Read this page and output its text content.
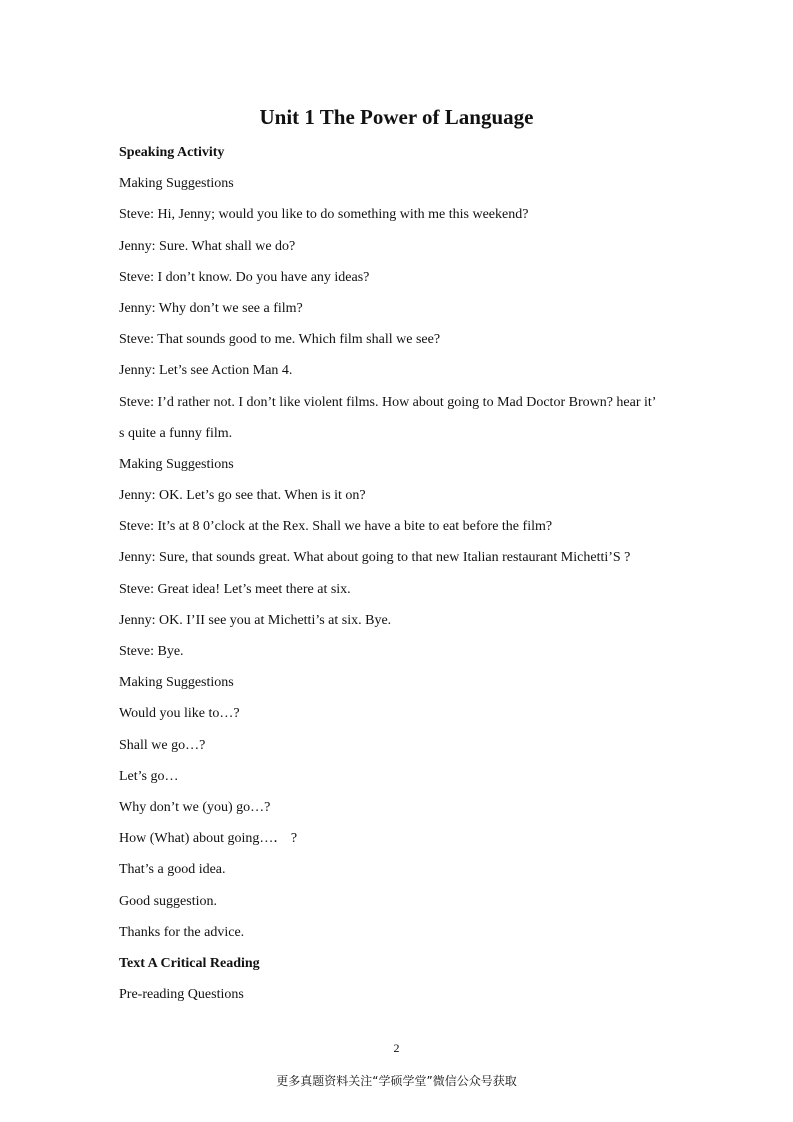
Unit 1 The Power of Language
Speaking Activity
Making Suggestions
Steve: Hi, Jenny; would you like to do something with me this weekend?
Jenny: Sure. What shall we do?
Steve: I don’t know. Do you have any ideas?
Jenny: Why don’t we see a film?
Steve: That sounds good to me. Which film shall we see?
Jenny: Let’s see Action Man 4.
Steve: I’d rather not. I don’t like violent films. How about going to Mad Doctor Brown? hear it’
s quite a funny film.
Making Suggestions
Jenny: OK. Let’s go see that. When is it on?
Steve: It’s at 8 0’clock at the Rex. Shall we have a bite to eat before the film?
Jenny: Sure, that sounds great. What about going to that new Italian restaurant Michetti’S ?
Steve: Great idea! Let’s meet there at six.
Jenny: OK. I’II see you at Michetti’s at six. Bye.
Steve: Bye.
Making Suggestions
Would you like to…?
Shall we go…?
Let’s go…
Why don’t we (you) go…?
How (What) about going…． ?
That’s a good idea.
Good suggestion.
Thanks for the advice.
Text A Critical Reading
Pre-reading Questions
2
更多真题资料关注“学硕学堂”微信公众号获取
